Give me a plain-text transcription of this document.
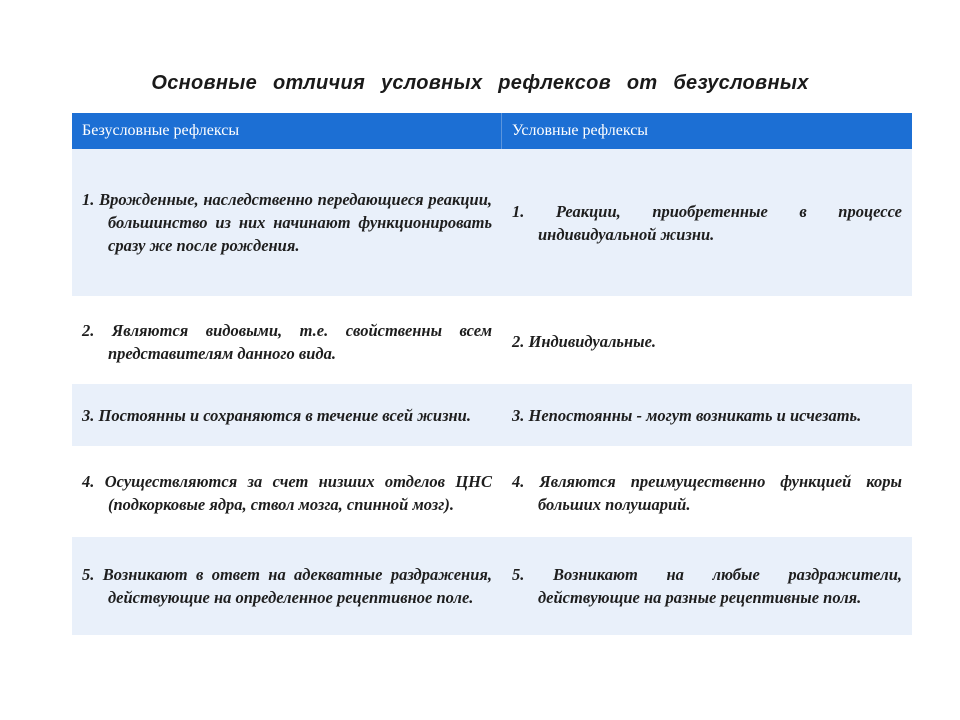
Основные отличия условных рефлексов от безусловных
Безусловные рефлексы	Условные рефлексы

1. Врожденные, наследственно передающиеся реакции, большинство из них начинают функционировать сразу же после рождения.	1. Реакции, приобретенные в процессе индивидуальной жизни.

2. Являются видовыми, т.е. свойственны всем представителям данного вида.	2. Индивидуальные.

3. Постоянны и сохраняются в течение всей жизни.	3. Непостоянны - могут возникать и исчезать.

4. Осуществляются за счет низших отделов ЦНС (подкорковые ядра, ствол мозга, спинной мозг).	4. Являются преимущественно функцией коры больших полушарий.

5. Возникают в ответ на адекватные раздражения, действующие на определенное рецептивное поле.	5. Возникают на любые раздражители, действующие на разные рецептивные поля.
